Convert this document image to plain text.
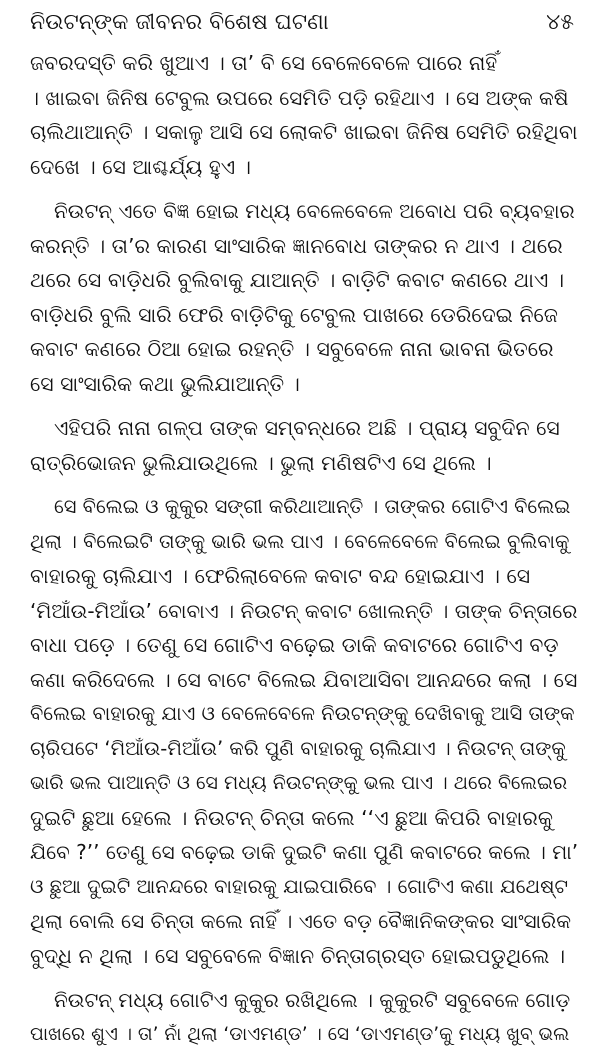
ନିଉଟନ୍‌ଙ୍କ ଜୀବନର ବିଶେଷ ଘଟଣା	୪୫

ଜବରଦସ୍ତି କରି ଖୁଆଏ । ତା’ ବି ସେ ବେଳେବେଳେ ପାରେ ନାହିଁ

। ଖାଇବା ଜିନିଷ ଟେବୁଲ ଉପରେ ସେମିତି ପଡ଼ି ରହିଥାଏ । ସେ ଅଙ୍କ କଷି

ଚାଲିଥାଆନ୍ତି । ସକାଳୁ ଆସି ସେ ଲୋକଟି ଖାଇବା ଜିନିଷ ସେମିତି ରହିଥିବା

ଦେଖେ । ସେ ଆଶ୍ଚର୍ଯ୍ୟ ହୁଏ ।

ନିଉଟନ୍ ଏତେ ବିଜ୍ଞ ହୋଇ ମଧ୍ୟ ବେଳେବେଳେ ଅବୋଧ ପରି ବ୍ୟବହାର

କରନ୍ତି । ତା’ର କାରଣ ସାଂସାରିକ ଜ୍ଞାନବୋଧ ତାଙ୍କର ନ ଥାଏ । ଥରେ

ଥରେ ସେ ବାଡ଼ିଧରି ବୁଲିବାକୁ ଯାଆନ୍ତି । ବାଡ଼ିଟି କବାଟ କଣରେ ଥାଏ ।

ବାଡ଼ିଧରି ବୁଲି ସାରି ଫେରି ବାଡ଼ିଟିକୁ ଟେବୁଲ ପାଖରେ ଡେରିଦେଇ ନିଜେ

କବାଟ କଣରେ ଠିଆ ହୋଇ ରହନ୍ତି । ସବୁବେଳେ ନାନା ଭାବନା ଭିତରେ

ସେ ସାଂସାରିକ କଥା ଭୁଲିଯାଆନ୍ତି ।

ଏହିପରି ନାନା ଗଳ୍ପ ତାଙ୍କ ସମ୍ବନ୍ଧରେ ଅଛି । ପ୍ରାୟ ସବୁଦିନ ସେ

ରାତ୍ରିଭୋଜନ ଭୁଲିଯାଉଥିଲେ । ଭୁଲା ମଣିଷଟିଏ ସେ ଥିଲେ ।

ସେ ବିଲେଇ ଓ କୁକୁର ସଙ୍ଗୀ କରିଥାଆନ୍ତି । ତାଙ୍କର ଗୋଟିଏ ବିଲେଇ

ଥିଲା । ବିଲେଇଟି ତାଙ୍କୁ ଭାରି ଭଲ ପାଏ । ବେଳେବେଳେ ବିଲେଇ ବୁଲିବାକୁ

ବାହାରକୁ ଚାଲିଯାଏ । ଫେରିଲାବେଳେ କବାଟ ବନ୍ଦ ହୋଇଯାଏ । ସେ

‘ମିଆଁଉ-ମିଆଁଉ’ ବୋବାଏ । ନିଉଟନ୍ କବାଟ ଖୋଲନ୍ତି । ତାଙ୍କ ଚିନ୍ତାରେ

ବାଧା ପଡ଼େ । ତେଣୁ ସେ ଗୋଟିଏ ବଢ଼େଇ ଡାକି କବାଟରେ ଗୋଟିଏ ବଡ଼

କଣା କରିଦେଲେ । ସେ ବାଟେ ବିଲେଇ ଯିବାଆସିବା ଆନନ୍ଦରେ କଲା । ସେ

ବିଲେଇ ବାହାରକୁ ଯାଏ ଓ ବେଳେବେଳେ ନିଉଟନ୍‌ଙ୍କୁ ଦେଖିବାକୁ ଆସି ତାଙ୍କ

ଚାରିପଟେ ‘ମିଆଁଉ-ମିଆଁଉ’ କରି ପୁଣି ବାହାରକୁ ଚାଲିଯାଏ । ନିଉଟନ୍ ତାଙ୍କୁ

ଭାରି ଭଲ ପାଆନ୍ତି ଓ ସେ ମଧ୍ୟ ନିଉଟନ୍‌ଙ୍କୁ ଭଲ ପାଏ । ଥରେ ବିଲେଇର

ଦୁଇଟି ଛୁଆ ହେଲେ । ନିଉଟନ୍ ଚିନ୍ତା କଲେ ‘‘ଏ ଛୁଆ କିପରି ବାହାରକୁ

ଯିବେ ?’’ ତେଣୁ ସେ ବଢ଼େଇ ଡାକି ଦୁଇଟି କଣା ପୁଣି କବାଟରେ କଲେ । ମା’

ଓ ଛୁଆ ଦୁଇଟି ଆନନ୍ଦରେ ବାହାରକୁ ଯାଇପାରିବେ । ଗୋଟିଏ କଣା ଯଥେଷ୍ଟ

ଥିଲା ବୋଲି ସେ ଚିନ୍ତା କଲେ ନାହିଁ । ଏତେ ବଡ଼ ବୈଜ୍ଞାନିକଙ୍କର ସାଂସାରିକ

ବୁଦ୍ଧି ନ ଥିଲା । ସେ ସବୁବେଳେ ବିଜ୍ଞାନ ଚିନ୍ତାଗ୍ରସ୍ତ ହୋଇପଡୁଥିଲେ ।

ନିଉଟନ୍ ମଧ୍ୟ ଗୋଟିଏ କୁକୁର ରଖିଥିଲେ । କୁକୁରଟି ସବୁବେଳେ ଗୋଡ଼

ପାଖରେ ଶୁଏ । ତା’ ନାଁ ଥିଲା ‘ଡାଏମଣ୍ଡ’ । ସେ ‘ଡାଏମଣ୍ଡ’କୁ ମଧ୍ୟ ଖୁବ୍ ଭଲ
